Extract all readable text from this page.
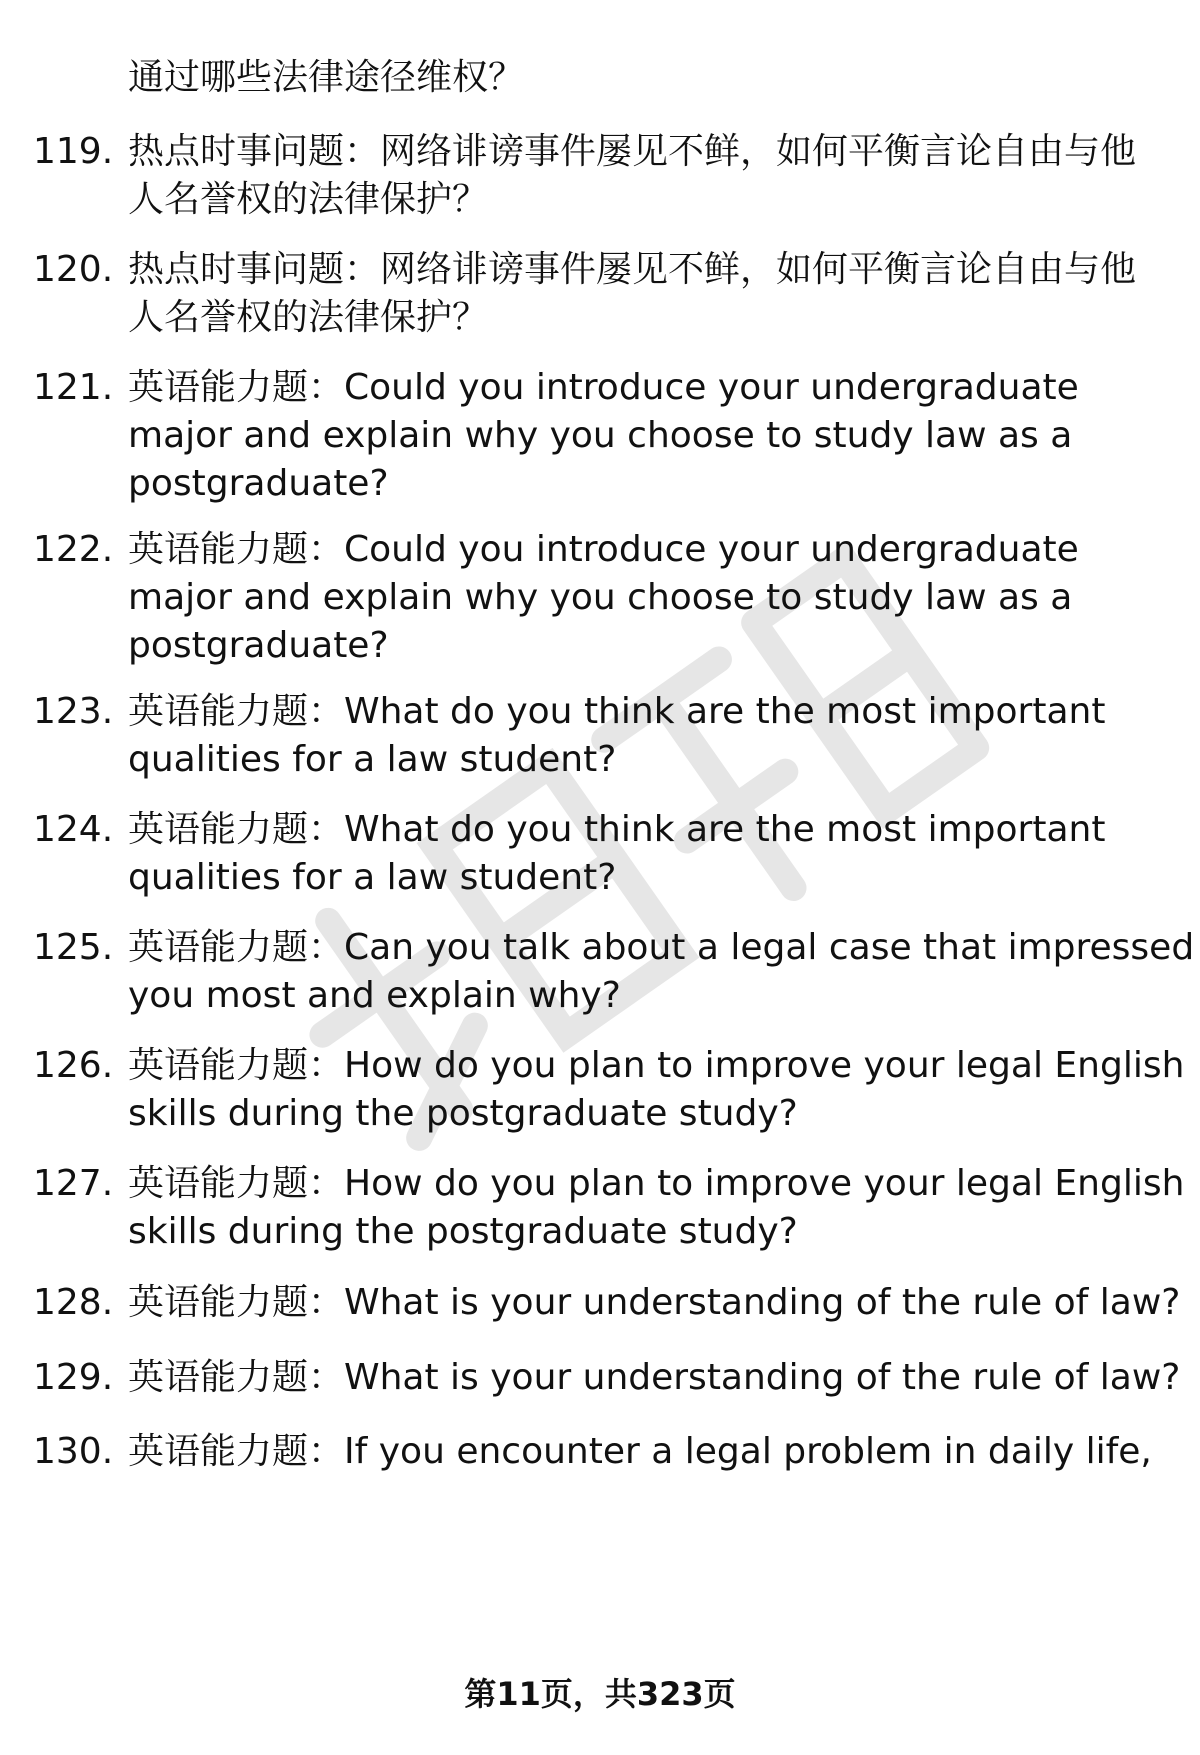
通过哪些法律途径维权？

119. 热点时事问题：网络诽谤事件屡见不鲜，如何平衡言论自由与他
人名誉权的法律保护？

120. 热点时事问题：网络诽谤事件屡见不鲜，如何平衡言论自由与他
人名誉权的法律保护？

121. 英语能力题：Could you introduce your undergraduate
major and explain why you choose to study law as a
postgraduate?

122. 英语能力题：Could you introduce your undergraduate
major and explain why you choose to study law as a
postgraduate?

123. 英语能力题：What do you think are the most important
qualities for a law student?

124. 英语能力题：What do you think are the most important
qualities for a law student?

125. 英语能力题：Can you talk about a legal case that impressed
you most and explain why?

126. 英语能力题：How do you plan to improve your legal English
skills during the postgraduate study?

127. 英语能力题：How do you plan to improve your legal English
skills during the postgraduate study?

128. 英语能力题：What is your understanding of the rule of law?

129. 英语能力题：What is your understanding of the rule of law?

130. 英语能力题：If you encounter a legal problem in daily life,

第11页，共323页
